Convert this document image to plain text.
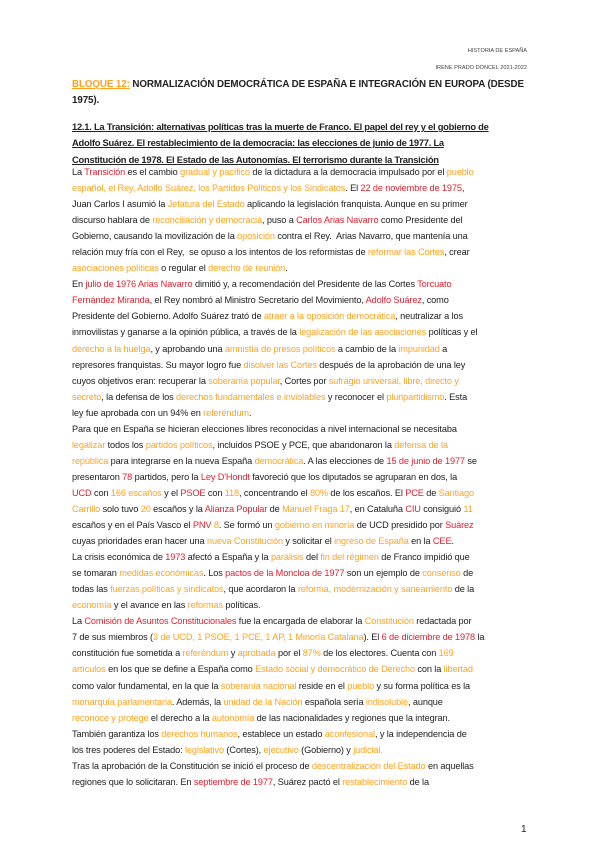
HISTORIA DE ESPAÑA
IRENE PRADO DONCEL 2021-2022
BLOQUE 12: NORMALIZACIÓN DEMOCRÁTICA DE ESPAÑA E INTEGRACIÓN EN EUROPA (DESDE
1975).
12.1. La Transición: alternativas políticas tras la muerte de Franco. El papel del rey y el gobierno de
Adolfo Suárez. El restablecimiento de la democracia: las elecciones de junio de 1977. La
Constitución de 1978. El Estado de las Autonomías. El terrorismo durante la Transición
La Transición es el cambio gradual y pacífico de la dictadura a la democracia impulsado por el pueblo
español, el Rey, Adolfo Suárez, los Partidos Políticos y los Sindicatos. El 22 de noviembre de 1975,
Juan Carlos I asumió la Jefatura del Estado aplicando la legislación franquista. Aunque en su primer
discurso hablara de reconciliación y democracia, puso a Carlos Arias Navarro como Presidente del
Gobierno, causando la movilización de la oposición contra el Rey.  Arias Navarro, que mantenía una
relación muy fría con el Rey,  se opuso a los intentos de los reformistas de reformar las Cortes, crear
asociaciones políticas o regular el derecho de reunión.
En julio de 1976 Arias Navarro dimitió y, a recomendación del Presidente de las Cortes Torcuato
Fernández Miranda, el Rey nombró al Ministro Secretario del Movimiento, Adolfo Suárez, como
Presidente del Gobierno. Adolfo Suárez trató de atraer a la oposición democrática, neutralizar a los
inmovilistas y ganarse a la opinión pública, a través de la legalización de las asociaciones políticas y el
derecho a la huelga, y aprobando una amnistía de presos políticos a cambio de la impunidad a
represores franquistas. Su mayor logro fue disolver las Cortes después de la aprobación de una ley
cuyos objetivos eran: recuperar la soberanía popular, Cortes por sufragio universal, libre, directo y
secreto, la defensa de los derechos fundamentales e inviolables y reconocer el pluripartidismo. Esta
ley fue aprobada con un 94% en referéndum.
Para que en España se hicieran elecciones libres reconocidas a nivel internacional se necesitaba
legalizar todos los partidos políticos, incluidos PSOE y PCE, que abandonaron la defensa de la
república para integrarse en la nueva España democrática. A las elecciones de 15 de junio de 1977 se
presentaron 78 partidos, pero la Ley D'Hondt favoreció que los diputados se agruparan en dos, la
UCD con 166 escaños y el PSOE con 118, concentrando el 80% de los escaños. El PCE de Santiago
Carrillo solo tuvo 20 escaños y la Alianza Popular de Manuel Fraga 17, en Cataluña CIU consiguió 11
escaños y en el País Vasco el PNV 8. Se formó un gobierno en minoría de UCD presidido por Suárez
cuyas prioridades eran hacer una nueva Constitución y solicitar el ingreso de España en la CEE.
La crisis económica de 1973 afectó a España y la parálisis del fin del régimen de Franco impidió que
se tomaran medidas económicas. Los pactos de la Moncloa de 1977 son un ejemplo de consenso de
todas las fuerzas políticas y sindicatos, que acordaron la reforma, modernización y saneamiento de la
economía y el avance en las reformas políticas.
La Comisión de Asuntos Constitucionales fue la encargada de elaborar la Constitución redactada por
7 de sus miembros (3 de UCD, 1 PSOE, 1 PCE, 1 AP, 1 Minoría Catalana). El 6 de diciembre de 1978 la
constitución fue sometida a referéndum y aprobada por el 87% de los electores. Cuenta con 169
artículos en los que se define a España como Estado social y democrático de Derecho con la libertad
como valor fundamental, en la que la soberanía nacional reside en el pueblo y su forma política es la
monarquía parlamentaria. Además, la unidad de la Nación española sería indisoluble, aunque
reconoce y protege el derecho a la autonomía de las nacionalidades y regiones que la integran.
También garantiza los derechos humanos, establece un estado aconfesional, y la independencia de
los tres poderes del Estado: legislativo (Cortes), ejecutivo (Gobierno) y judicial.
Tras la aprobación de la Constitución se inició el proceso de descentralización del Estado en aquellas
regiones que lo solicitaran. En septiembre de 1977, Suárez pactó el restablecimiento de la
1
